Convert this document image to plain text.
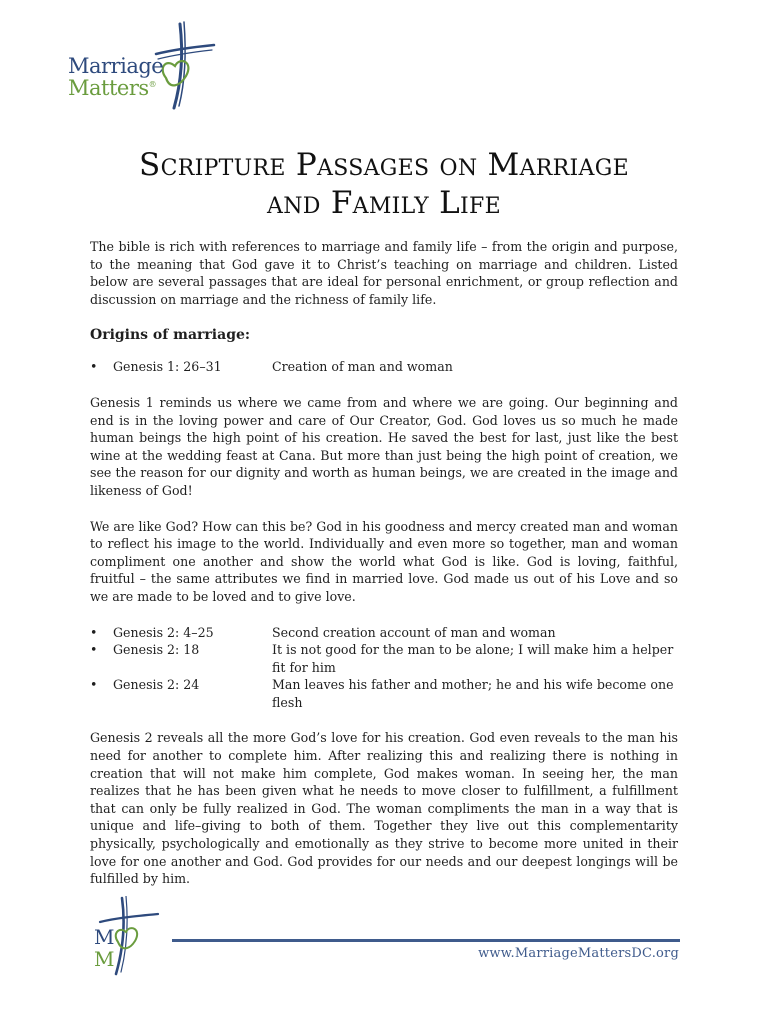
Marriage
Matters®
Scripture Passages on Marriage
and Family Life

The bible is rich with references to marriage and family life – from the origin and purpose, to the meaning that God gave it to Christ’s teaching on marriage and children. Listed below are several passages that are ideal for personal enrichment, or group reflection and discussion on marriage and the richness of family life.

Origins of marriage:
• Genesis 1: 26–31	Creation of man and woman

Genesis 1 reminds us where we came from and where we are going. Our beginning and end is in the loving power and care of Our Creator, God. God loves us so much he made human beings the high point of his creation. He saved the best for last, just like the best wine at the wedding feast at Cana. But more than just being the high point of creation, we see the reason for our dignity and worth as human beings, we are created in the image and likeness of God!

We are like God? How can this be? God in his goodness and mercy created man and woman to reflect his image to the world. Individually and even more so together, man and woman compliment one another and show the world what God is like. God is loving, faithful, fruitful – the same attributes we find in married love. God made us out of his Love and so we are made to be loved and to give love.

• Genesis 2: 4–25	Second creation account of man and woman
• Genesis 2: 18	It is not good for the man to be alone; I will make him a helper fit for him
• Genesis 2: 24	Man leaves his father and mother; he and his wife become one flesh

Genesis 2 reveals all the more God’s love for his creation. God even reveals to the man his need for another to complete him. After realizing this and realizing there is nothing in creation that will not make him complete, God makes woman. In seeing her, the man realizes that he has been given what he needs to move closer to fulfillment, a fulfillment that can only be fully realized in God. The woman compliments the man in a way that is unique and life–giving to both of them. Together they live out this complementarity physically, psychologically and emotionally as they strive to become more united in their love for one another and God. God provides for our needs and our deepest longings will be fulfilled by him.

M
M	www.MarriageMattersDC.org
